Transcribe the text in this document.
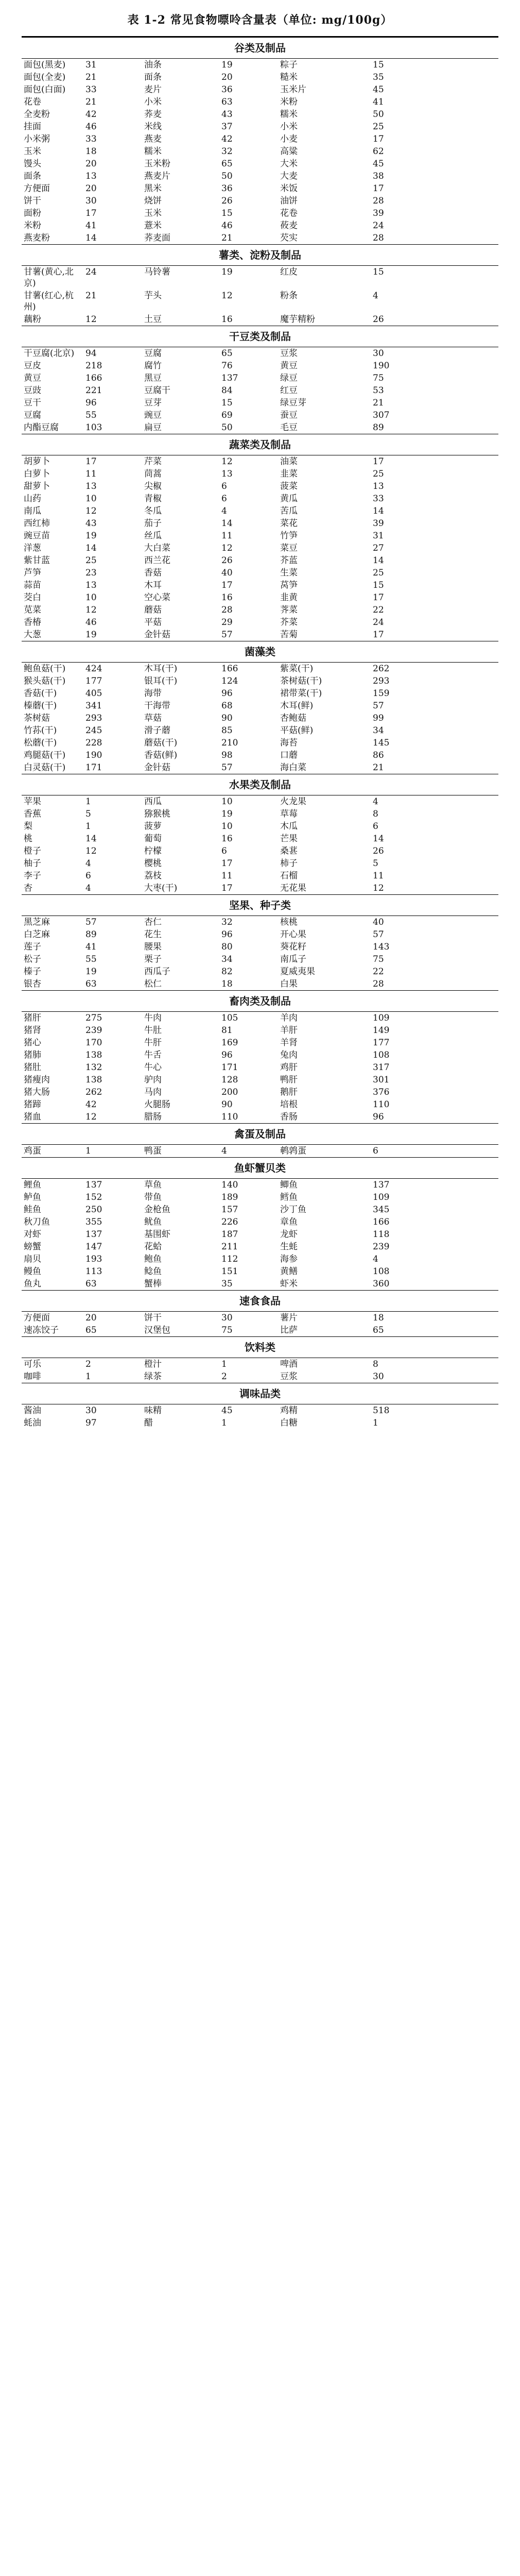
表 1-2 常见食物嘌呤含量表（单位: mg/100g）
谷类及制品
面包(黑麦)	31	油条	19	粽子	15
面包(全麦)	21	面条	20	糙米	35
面包(白面)	33	麦片	36	玉米片	45
花卷	21	小米	63	米粉	41
全麦粉	42	荞麦	43	糯米	50
挂面	46	米线	37	小米	25
小米粥	33	燕麦	42	小麦	17
玉米	18	糯米	32	高粱	62
馒头	20	玉米粉	65	大米	45
面条	13	燕麦片	50	大麦	38
方便面	20	黑米	36	米饭	17
饼干	30	烧饼	26	油饼	28
面粉	17	玉米	15	花卷	39
米粉	41	薏米	46	莜麦	24
燕麦粉	14	荞麦面	21	芡实	28
薯类、淀粉及制品
甘薯(黄心,北京)
24	马铃薯	19	红皮	15
甘薯(红心,杭州)
21	芋头	12	粉条	4
藕粉	12	土豆	16	魔芋精粉	26
干豆类及制品
干豆腐(北京)	94	豆腐	65	豆浆	30
豆皮	218	腐竹	76	黄豆	190
黄豆	166	黑豆	137	绿豆	75
豆豉	221	豆腐干	84	红豆	53
豆干	96	豆芽	15	绿豆芽	21
豆腐	55	豌豆	69	蚕豆	307
内酯豆腐	103	扁豆	50	毛豆	89
蔬菜类及制品
胡萝卜	17	芹菜	12	油菜	17
白萝卜	11	茼蒿	13	韭菜	25
甜萝卜	13	尖椒	6	菠菜	13
山药	10	青椒	6	黄瓜	33
南瓜	12	冬瓜	4	苦瓜	14
西红柿	43	茄子	14	菜花	39
豌豆苗	19	丝瓜	11	竹笋	31
洋葱	14	大白菜	12	菜豆	27
紫甘蓝	25	西兰花	26	芥蓝	14
芦笋	23	香菇	40	生菜	25
蒜苗	13	木耳	17	莴笋	15
茭白	10	空心菜	16	韭黄	17
苋菜	12	蘑菇	28	荠菜	22
香椿	46	平菇	29	芥菜	24
大葱	19	金针菇	57	苦菊	17
菌藻类
鲍鱼菇(干)	424	木耳(干)	166	紫菜(干)	262
猴头菇(干)	177	银耳(干)	124	茶树菇(干)	293
香菇(干)	405	海带	96	裙带菜(干)	159
榛蘑(干)	341	干海带	68	木耳(鲜)	57
茶树菇	293	草菇	90	杏鲍菇	99
竹荪(干)	245	滑子蘑	85	平菇(鲜)	34
松蘑(干)	228	蘑菇(干)	210	海苔	145
鸡腿菇(干)	190	香菇(鲜)	98	口蘑	86
白灵菇(干)	171	金针菇	57	海白菜	21
水果类及制品
苹果	1	西瓜	10	火龙果	4
香蕉	5	猕猴桃	19	草莓	8
梨	1	菠萝	10	木瓜	6
桃	14	葡萄	16	芒果	14
橙子	12	柠檬	6	桑葚	26
柚子	4	樱桃	17	柿子	5
李子	6	荔枝	11	石榴	11
杏	4	大枣(干)	17	无花果	12
坚果、种子类
黑芝麻	57	杏仁	32	核桃	40
白芝麻	89	花生	96	开心果	57
莲子	41	腰果	80	葵花籽	143
松子	55	栗子	34	南瓜子	75
榛子	19	西瓜子	82	夏威夷果	22
银杏	63	松仁	18	白果	28
畜肉类及制品
猪肝	275	牛肉	105	羊肉	109
猪肾	239	牛肚	81	羊肝	149
猪心	170	牛肝	169	羊肾	177
猪肺	138	牛舌	96	兔肉	108
猪肚	132	牛心	171	鸡肝	317
猪瘦肉	138	驴肉	128	鸭肝	301
猪大肠	262	马肉	200	鹅肝	376
猪蹄	42	火腿肠	90	培根	110
猪血	12	腊肠	110	香肠	96
禽蛋及制品
鸡蛋	1	鸭蛋	4	鹌鹑蛋	6
鱼虾蟹贝类
鲤鱼	137	草鱼	140	鲫鱼	137
鲈鱼	152	带鱼	189	鳕鱼	109
鲑鱼	250	金枪鱼	157	沙丁鱼	345
秋刀鱼	355	鱿鱼	226	章鱼	166
对虾	137	基围虾	187	龙虾	118
螃蟹	147	花蛤	211	生蚝	239
扇贝	193	鲍鱼	112	海参	4
鳗鱼	113	鲶鱼	151	黄鳝	108
鱼丸	63	蟹棒	35	虾米	360
速食食品
方便面	20	饼干	30	薯片	18
速冻饺子	65	汉堡包	75	比萨	65
饮料类
可乐	2	橙汁	1	啤酒	8
咖啡	1	绿茶	2	豆浆	30
调味品类
酱油	30	味精	45	鸡精	518
蚝油	97	醋	1	白糖	1
